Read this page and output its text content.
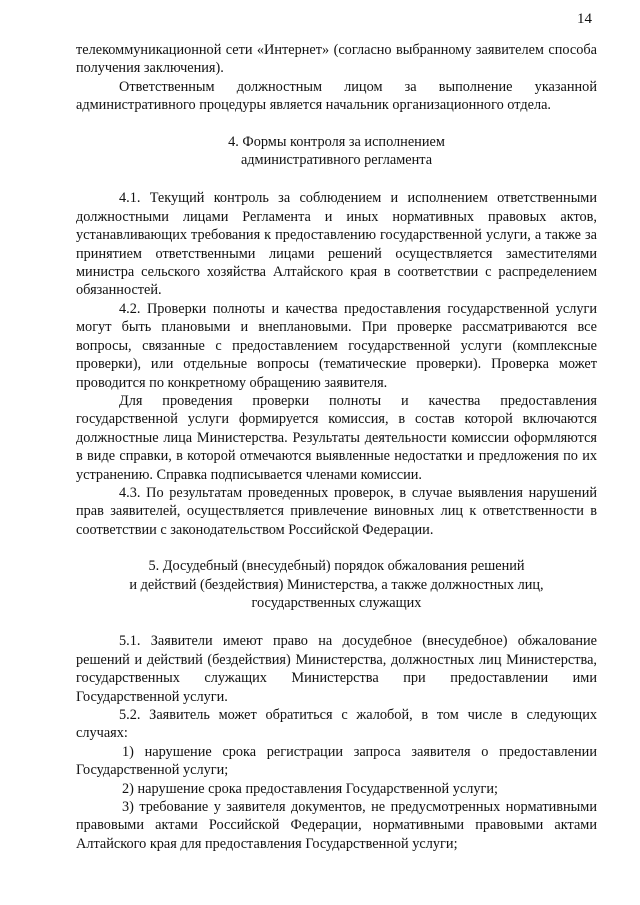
14

телекоммуникационной сети «Интернет» (согласно выбранному заявителем способа получения заключения).

Ответственным должностным лицом за выполнение указанной административного процедуры является начальник организационного отдела.

4. Формы контроля за исполнением

административного регламента

4.1. Текущий контроль за соблюдением и исполнением ответственными должностными лицами Регламента и иных нормативных правовых актов, устанавливающих требования к предоставлению государственной услуги, а также за принятием ответственными лицами решений осуществляется заместителями министра сельского хозяйства Алтайского края в соответствии с распределением обязанностей.

4.2. Проверки полноты и качества предоставления государственной услуги могут быть плановыми и внеплановыми. При проверке рассматриваются все вопросы, связанные с предоставлением государственной услуги (комплексные проверки), или отдельные вопросы (тематические проверки). Проверка может проводится по конкретному обращению заявителя.

Для проведения проверки полноты и качества предоставления государственной услуги формируется комиссия, в состав которой включаются должностные лица Министерства. Результаты деятельности комиссии оформляются в виде справки, в которой отмечаются выявленные недостатки и предложения по их устранению. Справка подписывается членами комиссии.

4.3. По результатам проведенных проверок, в случае выявления нарушений прав заявителей, осуществляется привлечение виновных лиц к ответственности в соответствии с законодательством Российской Федерации.

5. Досудебный (внесудебный) порядок обжалования решений

и действий (бездействия) Министерства, а также должностных лиц,

государственных служащих

5.1. Заявители имеют право на досудебное (внесудебное) обжалование решений и действий (бездействия) Министерства, должностных лиц Министерства, государственных служащих Министерства при предоставлении ими Государственной услуги.

5.2. Заявитель может обратиться с жалобой, в том числе в следующих случаях:

1) нарушение срока регистрации запроса заявителя о предоставлении Государственной услуги;

2) нарушение срока предоставления Государственной услуги;

3) требование у заявителя документов, не предусмотренных нормативными правовыми актами Российской Федерации, нормативными правовыми актами Алтайского края для предоставления Государственной услуги;
